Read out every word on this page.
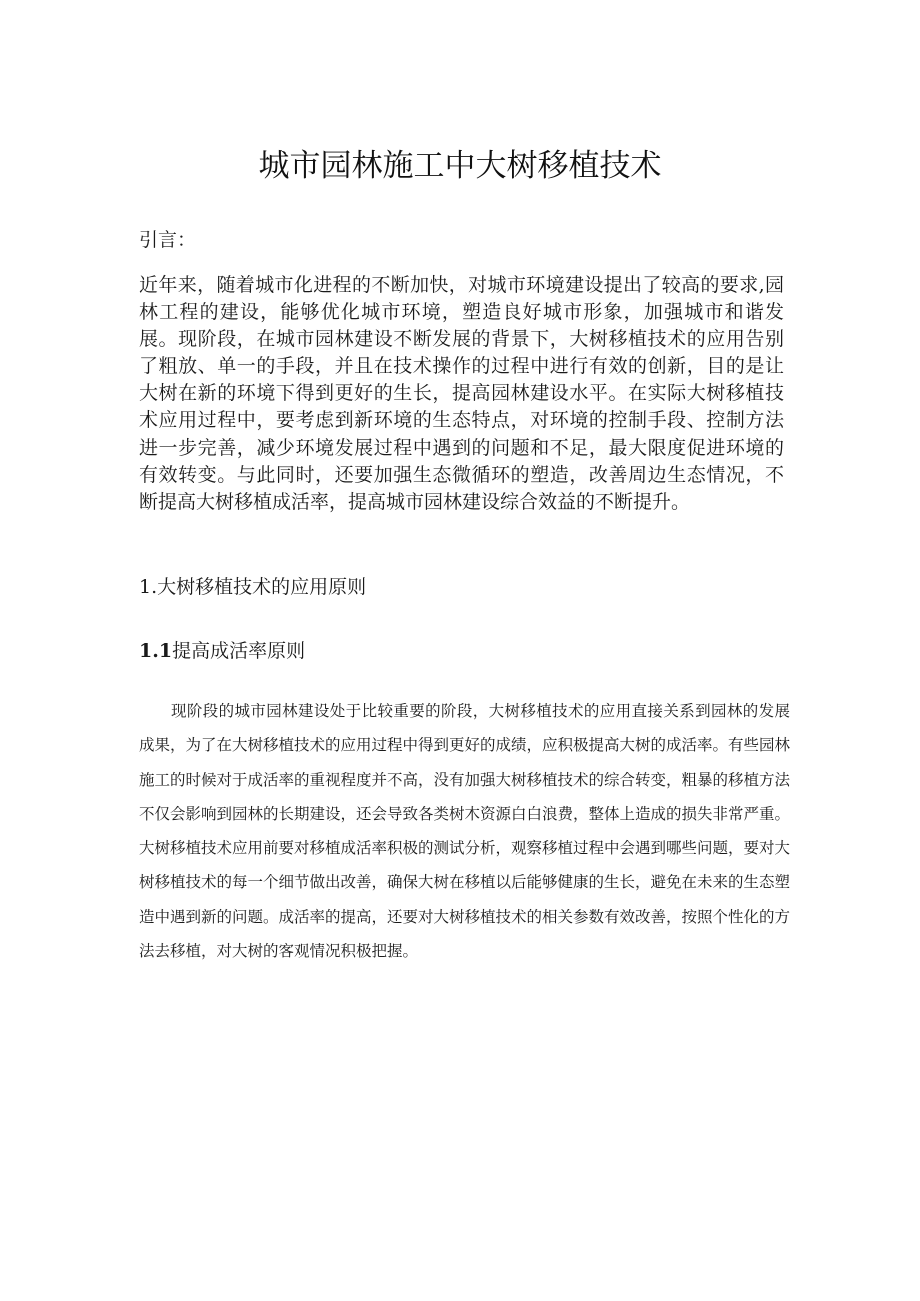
城市园林施工中大树移植技术

引言：

近年来，随着城市化进程的不断加快，对城市环境建设提出了较高的要求,园林工程的建设，能够优化城市环境，塑造良好城市形象，加强城市和谐发展。现阶段，在城市园林建设不断发展的背景下，大树移植技术的应用告别了粗放、单一的手段，并且在技术操作的过程中进行有效的创新，目的是让大树在新的环境下得到更好的生长，提高园林建设水平。在实际大树移植技术应用过程中，要考虑到新环境的生态特点，对环境的控制手段、控制方法进一步完善，减少环境发展过程中遇到的问题和不足，最大限度促进环境的有效转变。与此同时，还要加强生态微循环的塑造，改善周边生态情况，不断提高大树移植成活率，提高城市园林建设综合效益的不断提升。

1.大树移植技术的应用原则
1.1提高成活率原则

现阶段的城市园林建设处于比较重要的阶段，大树移植技术的应用直接关系到园林的发展成果，为了在大树移植技术的应用过程中得到更好的成绩，应积极提高大树的成活率。有些园林施工的时候对于成活率的重视程度并不高，没有加强大树移植技术的综合转变，粗暴的移植方法不仅会影响到园林的长期建设，还会导致各类树木资源白白浪费，整体上造成的损失非常严重。大树移植技术应用前要对移植成活率积极的测试分析，观察移植过程中会遇到哪些问题，要对大树移植技术的每一个细节做出改善，确保大树在移植以后能够健康的生长，避免在未来的生态塑造中遇到新的问题。成活率的提高，还要对大树移植技术的相关参数有效改善，按照个性化的方法去移植，对大树的客观情况积极把握。
